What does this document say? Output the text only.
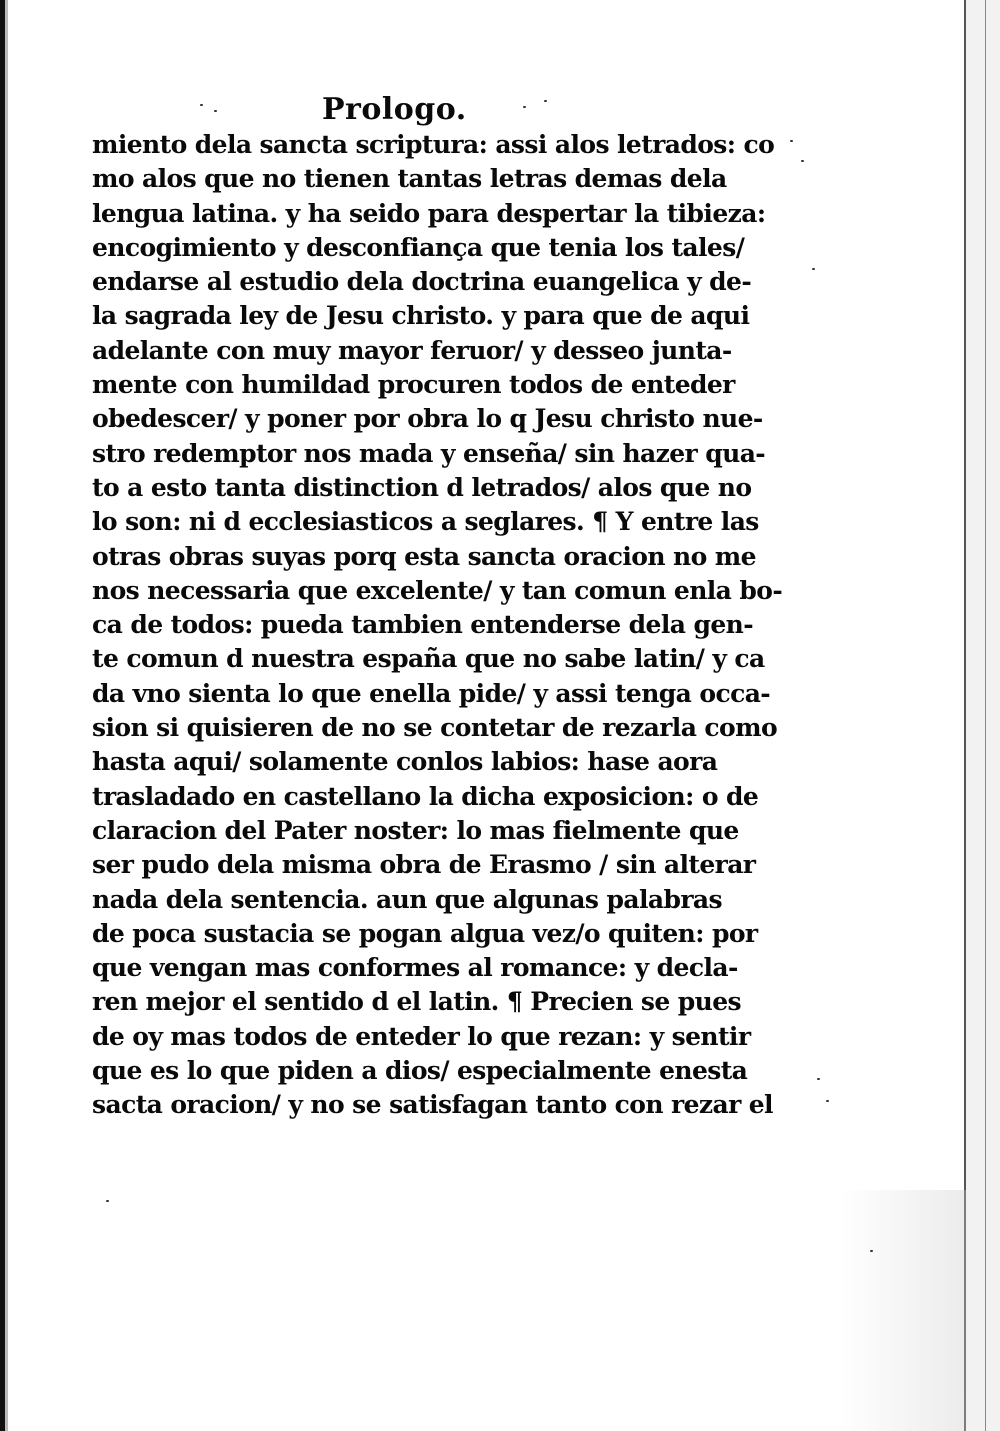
Prologo.
miento dela sancta scriptura: assi alos letrados: co
mo alos que no tienen tantas letras demas dela
lengua latina. y ha seido para despertar la tibieza:
encogimiento y desconfiança que tenia los tales/
endarse al estudio dela doctrina euangelica y de-
la sagrada ley de Jesu christo. y para que de aqui
adelante con muy mayor feruor/ y desseo junta-
mente con humildad procuren todos de enteder
obedescer/ y poner por obra lo q Jesu christo nue-
stro redemptor nos mada y enseña/ sin hazer qua-
to a esto tanta distinction d letrados/ alos que no
lo son: ni d ecclesiasticos a seglares. ¶ Y entre las
otras obras suyas porq esta sancta oracion no me
nos necessaria que excelente/ y tan comun enla bo-
ca de todos: pueda tambien entenderse dela gen-
te comun d nuestra españa que no sabe latin/ y ca
da vno sienta lo que enella pide/ y assi tenga occa-
sion si quisieren de no se contetar de rezarla como
hasta aqui/ solamente conlos labios: hase aora
trasladado en castellano la dicha exposicion: o de
claracion del Pater noster: lo mas fielmente que
ser pudo dela misma obra de Erasmo / sin alterar
nada dela sentencia. aun que algunas palabras
de poca sustacia se pogan algua vez/o quiten: por
que vengan mas conformes al romance: y decla-
ren mejor el sentido d el latin. ¶ Precien se pues
de oy mas todos de enteder lo que rezan: y sentir
que es lo que piden a dios/ especialmente enesta
sacta oracion/ y no se satisfagan tanto con rezar el
